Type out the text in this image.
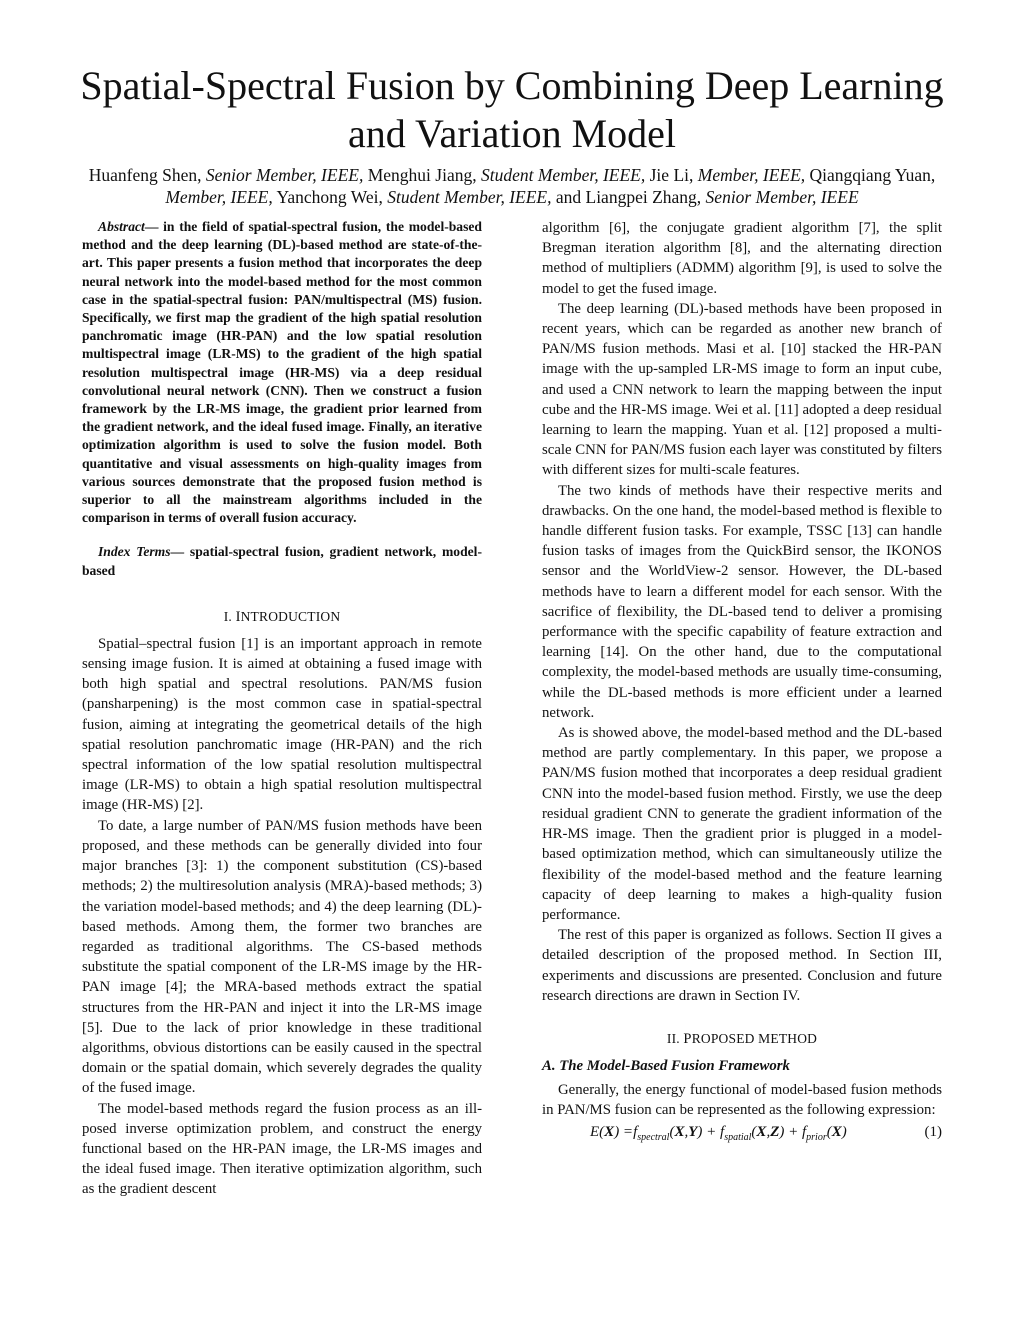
Spatial-Spectral Fusion by Combining Deep Learning and Variation Model
Huanfeng Shen, Senior Member, IEEE, Menghui Jiang, Student Member, IEEE, Jie Li, Member, IEEE, Qiangqiang Yuan, Member, IEEE, Yanchong Wei, Student Member, IEEE, and Liangpei Zhang, Senior Member, IEEE

Abstract— in the field of spatial-spectral fusion, the model-based method and the deep learning (DL)-based method are state-of-the-art. This paper presents a fusion method that incorporates the deep neural network into the model-based method for the most common case in the spatial-spectral fusion: PAN/multispectral (MS) fusion. Specifically, we first map the gradient of the high spatial resolution panchromatic image (HR-PAN) and the low spatial resolution multispectral image (LR-MS) to the gradient of the high spatial resolution multispectral image (HR-MS) via a deep residual convolutional neural network (CNN). Then we construct a fusion framework by the LR-MS image, the gradient prior learned from the gradient network, and the ideal fused image. Finally, an iterative optimization algorithm is used to solve the fusion model. Both quantitative and visual assessments on high-quality images from various sources demonstrate that the proposed fusion method is superior to all the mainstream algorithms included in the comparison in terms of overall fusion accuracy.

Index Terms— spatial-spectral fusion, gradient network, model-based

I. INTRODUCTION

Spatial–spectral fusion [1] is an important approach in remote sensing image fusion. It is aimed at obtaining a fused image with both high spatial and spectral resolutions. PAN/MS fusion (pansharpening) is the most common case in spatial-spectral fusion, aiming at integrating the geometrical details of the high spatial resolution panchromatic image (HR-PAN) and the rich spectral information of the low spatial resolution multispectral image (LR-MS) to obtain a high spatial resolution multispectral image (HR-MS) [2].

To date, a large number of PAN/MS fusion methods have been proposed, and these methods can be generally divided into four major branches [3]: 1) the component substitution (CS)-based methods; 2) the multiresolution analysis (MRA)-based methods; 3) the variation model-based methods; and 4) the deep learning (DL)-based methods. Among them, the former two branches are regarded as traditional algorithms. The CS-based methods substitute the spatial component of the LR-MS image by the HR-PAN image [4]; the MRA-based methods extract the spatial structures from the HR-PAN and inject it into the LR-MS image [5]. Due to the lack of prior knowledge in these traditional algorithms, obvious distortions can be easily caused in the spectral domain or the spatial domain, which severely degrades the quality of the fused image.

The model-based methods regard the fusion process as an ill-posed inverse optimization problem, and construct the energy functional based on the HR-PAN image, the LR-MS images and the ideal fused image. Then iterative optimization algorithm, such as the gradient descent

algorithm [6], the conjugate gradient algorithm [7], the split Bregman iteration algorithm [8], and the alternating direction method of multipliers (ADMM) algorithm [9], is used to solve the model to get the fused image.

The deep learning (DL)-based methods have been proposed in recent years, which can be regarded as another new branch of PAN/MS fusion methods. Masi et al. [10] stacked the HR-PAN image with the up-sampled LR-MS image to form an input cube, and used a CNN network to learn the mapping between the input cube and the HR-MS image. Wei et al. [11] adopted a deep residual learning to learn the mapping. Yuan et al. [12] proposed a multi-scale CNN for PAN/MS fusion each layer was constituted by filters with different sizes for multi-scale features.

The two kinds of methods have their respective merits and drawbacks. On the one hand, the model-based method is flexible to handle different fusion tasks. For example, TSSC [13] can handle fusion tasks of images from the QuickBird sensor, the IKONOS sensor and the WorldView-2 sensor. However, the DL-based methods have to learn a different model for each sensor. With the sacrifice of flexibility, the DL-based tend to deliver a promising performance with the specific capability of feature extraction and learning [14]. On the other hand, due to the computational complexity, the model-based methods are usually time-consuming, while the DL-based methods is more efficient under a learned network.

As is showed above, the model-based method and the DL-based method are partly complementary. In this paper, we propose a PAN/MS fusion mothed that incorporates a deep residual gradient CNN into the model-based fusion method. Firstly, we use the deep residual gradient CNN to generate the gradient information of the HR-MS image. Then the gradient prior is plugged in a model-based optimization method, which can simultaneously utilize the flexibility of the model-based method and the feature learning capacity of deep learning to makes a high-quality fusion performance.

The rest of this paper is organized as follows. Section II gives a detailed description of the proposed method. In Section III, experiments and discussions are presented. Conclusion and future research directions are drawn in Section IV.

II. PROPOSED METHOD
A. The Model-Based Fusion Framework

Generally, the energy functional of model-based fusion methods in PAN/MS fusion can be represented as the following expression:

$E(X) =f_{spectral}(X,Y) + f_{spatial}(X,Z) + f_{prior}(X)$	(1)
